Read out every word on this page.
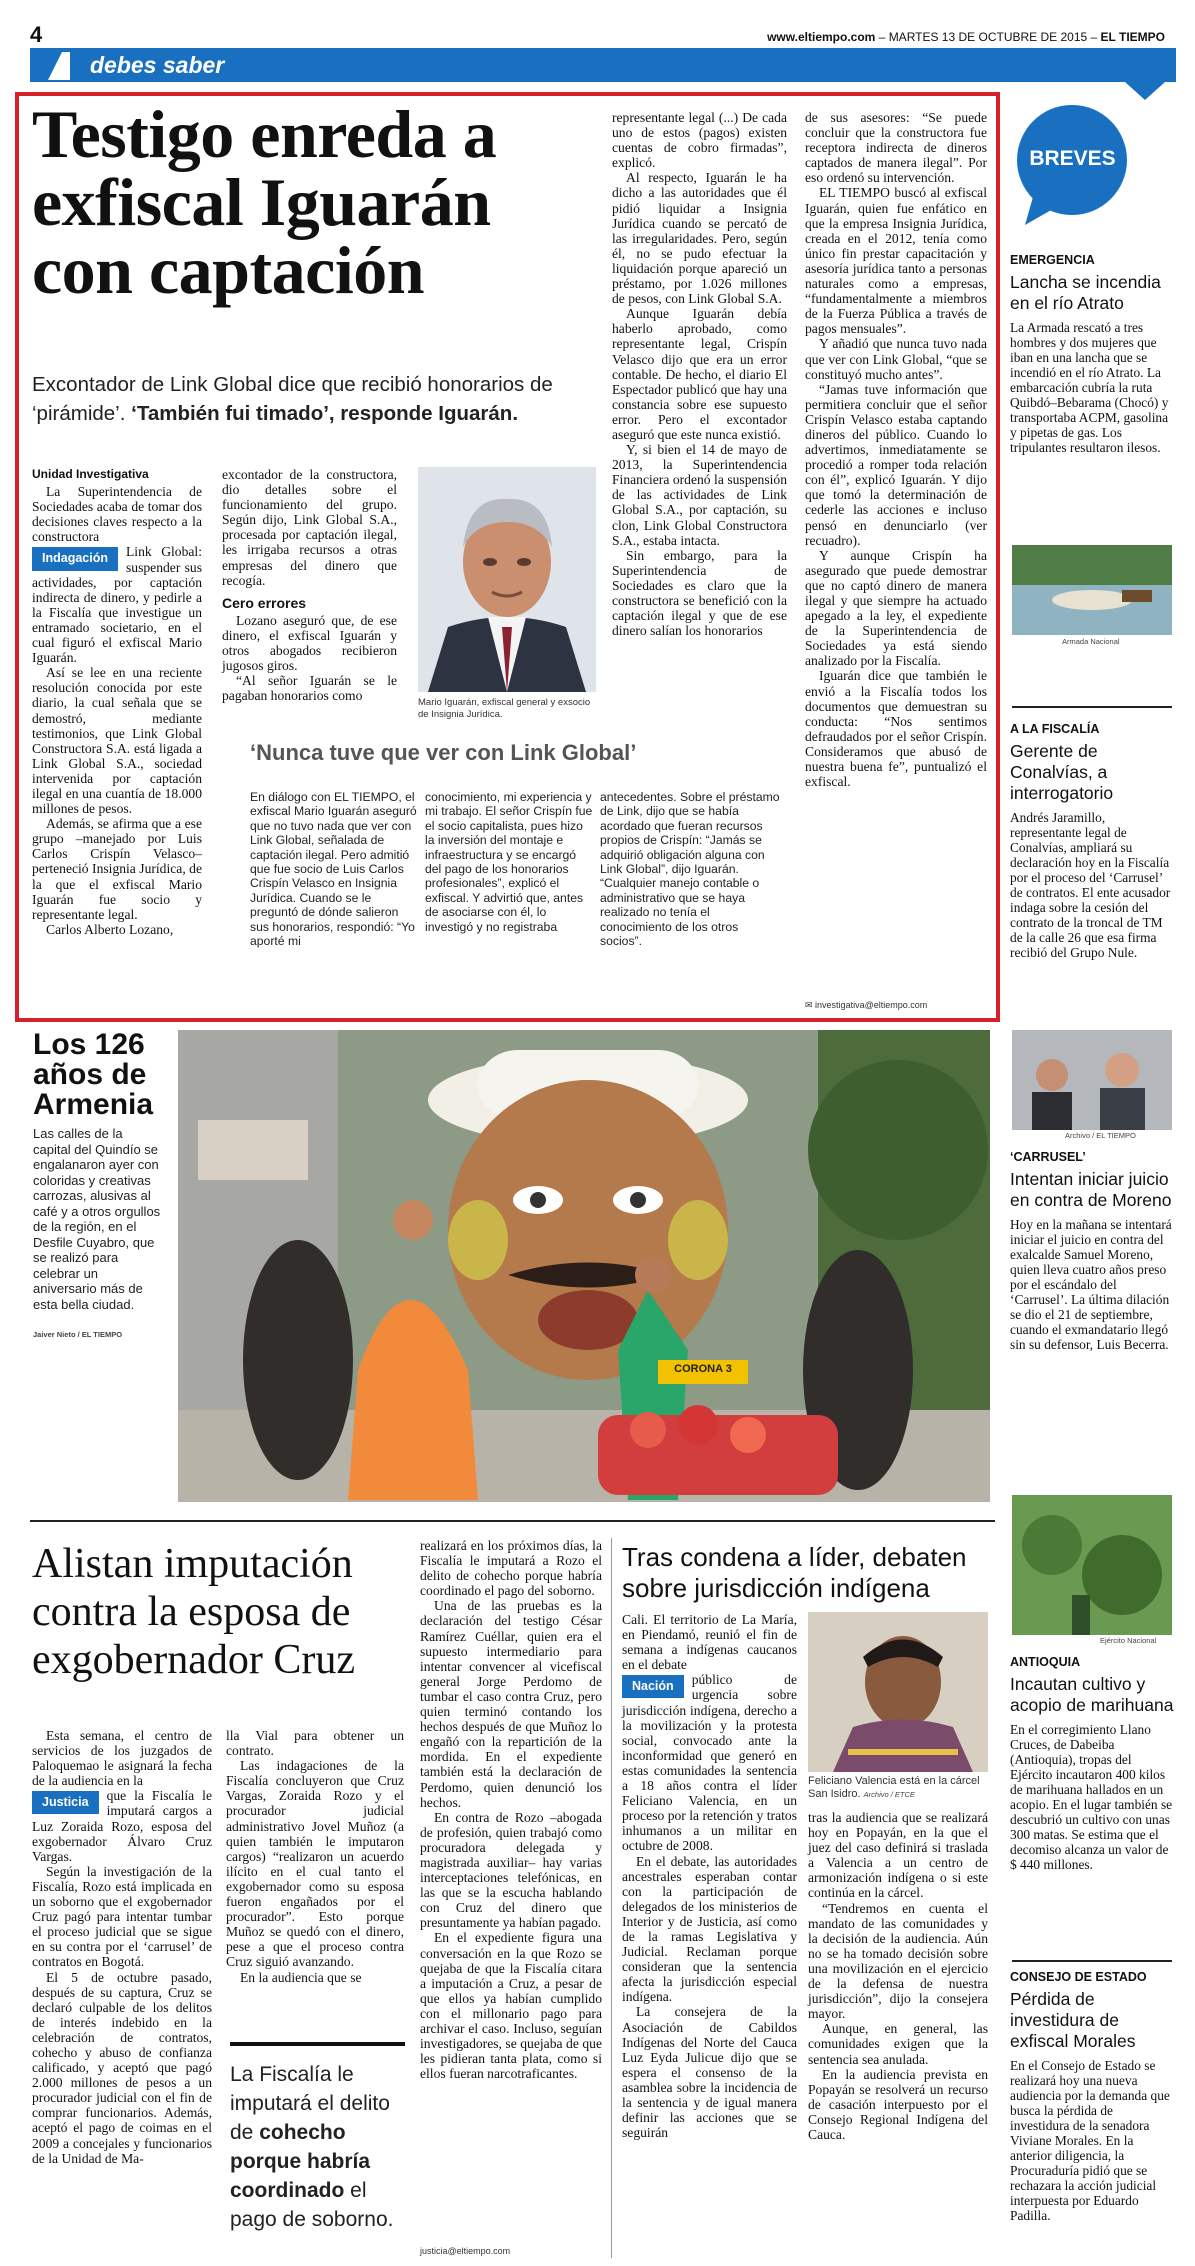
4	www.eltiempo.com – MARTES 13 DE OCTUBRE DE 2015 – EL TIEMPO
debes saber
Testigo enreda a exfiscal Iguarán con captación
Excontador de Link Global dice que recibió honorarios de ‘pirámide’. ‘También fui timado’, responde Iguarán.
Unidad Investigativa

La Superintendencia de Sociedades acaba de tomar dos decisiones claves respecto a la constructora

Indagación	Link Global: suspender sus actividades, por captación indirecta de dinero, y pedirle a la Fiscalía que investigue un entramado societario, en el cual figuró el exfiscal Mario Iguarán.

Así se lee en una reciente resolución conocida por este diario, la cual señala que se demostró, mediante testimonios, que Link Global Constructora S.A. está ligada a Link Global S.A., sociedad intervenida por captación ilegal en una cuantía de 18.000 millones de pesos.

Además, se afirma que a ese grupo –manejado por Luis Carlos Crispín Velasco– perteneció Insignia Jurídica, de la que el exfiscal Mario Iguarán fue socio y representante legal.

Carlos Alberto Lozano,

excontador de la constructora, dio detalles sobre el funcionamiento del grupo. Según dijo, Link Global S.A., procesada por captación ilegal, les irrigaba recursos a otras empresas del dinero que recogía.

Cero errores

Lozano aseguró que, de ese dinero, el exfiscal Iguarán y otros abogados recibieron jugosos giros.

“Al señor Iguarán se le pagaban honorarios como	Mario Iguarán, exfiscal general y exsocio de Insignia Jurídica.

representante legal (...) De cada uno de estos (pagos) existen cuentas de cobro firmadas”, explicó.

Al respecto, Iguarán le ha dicho a las autoridades que él pidió liquidar a Insignia Jurídica cuando se percató de las irregularidades. Pero, según él, no se pudo efectuar la liquidación porque apareció un préstamo, por 1.026 millones de pesos, con Link Global S.A.

Aunque Iguarán debía haberlo aprobado, como representante legal, Crispín Velasco dijo que era un error contable. De hecho, el diario El Espectador publicó que hay una constancia sobre ese supuesto error. Pero el excontador aseguró que este nunca existió.

Y, si bien el 14 de mayo de 2013, la Superintendencia Financiera ordenó la suspensión de las actividades de Link Global S.A., por captación, su clon, Link Global Constructora S.A., estaba intacta.

Sin embargo, para la Superintendencia de Sociedades es claro que la constructora se benefició con la captación ilegal y que de ese dinero salían los honorarios

de sus asesores: “Se puede concluir que la constructora fue receptora indirecta de dineros captados de manera ilegal”. Por eso ordenó su intervención.

EL TIEMPO buscó al exfiscal Iguarán, quien fue enfático en que la empresa Insignia Jurídica, creada en el 2012, tenía como único fin prestar capacitación y asesoría jurídica tanto a personas naturales como a empresas, “fundamentalmente a miembros de la Fuerza Pública a través de pagos mensuales”.

Y añadió que nunca tuvo nada que ver con Link Global, “que se constituyó mucho antes”.

“Jamas tuve información que permitiera concluir que el señor Crispín Velasco estaba captando dineros del público. Cuando lo advertimos, inmediatamente se procedió a romper toda relación con él”, explicó Iguarán. Y dijo que tomó la determinación de cederle las acciones e incluso pensó en denunciarlo (ver recuadro).

Y aunque Crispín ha asegurado que puede demostrar que no captó dinero de manera ilegal y que siempre ha actuado apegado a la ley, el expediente de la Superintendencia de Sociedades ya está siendo analizado por la Fiscalía.

Iguarán dice que también le envió a la Fiscalía todos los documentos que demuestran su conducta: “Nos sentimos defraudados por el señor Crispín. Consideramos que abusó de nuestra buena fe”, puntualizó el exfiscal.

✉ investigativa@eltiempo.com
‘Nunca tuve que ver con Link Global’
En diálogo con EL TIEMPO, el exfiscal Mario Iguarán aseguró que no tuvo nada que ver con Link Global, señalada de captación ilegal. Pero admitió que fue socio de Luis Carlos Crispín Velasco en Insignia Jurídica. Cuando se le preguntó de dónde salieron sus honorarios, respondió: “Yo aporté mi
conocimiento, mi experiencia y mi trabajo. El señor Crispín fue el socio capitalista, pues hizo la inversión del montaje e infraestructura y se encargó del pago de los honorarios profesionales”, explicó el exfiscal. Y advirtió que, antes de asociarse con él, lo investigó y no registraba
antecedentes. Sobre el préstamo de Link, dijo que se había acordado que fueran recursos propios de Crispín: “Jamás se adquirió obligación alguna con Link Global”, dijo Iguarán. “Cualquier manejo contable o administrativo que se haya realizado no tenía el conocimiento de los otros socios”.
Los 126 años de Armenia
Las calles de la capital del Quindío se engalanaron ayer con coloridas y creativas carrozas, alusivas al café y a otros orgullos de la región, en el Desfile Cuyabro, que se realizó para celebrar un aniversario más de esta bella ciudad.
Jaiver Nieto / EL TIEMPO
CORONA 3
BREVES
EMERGENCIA
Lancha se incendia en el río Atrato
La Armada rescató a tres hombres y dos mujeres que iban en una lancha que se incendió en el río Atrato. La embarcación cubría la ruta Quibdó–Bebarama (Chocó) y transportaba ACPM, gasolina y pipetas de gas. Los tripulantes resultaron ilesos.
Armada Nacional
A LA FISCALÍA
Gerente de Conalvías, a interrogatorio
Andrés Jaramillo, representante legal de Conalvías, ampliará su declaración hoy en la Fiscalía por el proceso del ‘Carrusel’ de contratos. El ente acusador indaga sobre la cesión del contrato de la troncal de TM de la calle 26 que esa firma recibió del Grupo Nule.
Archivo / EL TIEMPO
‘CARRUSEL’
Intentan iniciar juicio en contra de Moreno
Hoy en la mañana se intentará iniciar el juicio en contra del exalcalde Samuel Moreno, quien lleva cuatro años preso por el escándalo del ‘Carrusel’. La última dilación se dio el 21 de septiembre, cuando el exmandatario llegó sin su defensor, Luis Becerra.
Ejército Nacional
ANTIOQUIA
Incautan cultivo y acopio de marihuana
En el corregimiento Llano Cruces, de Dabeiba (Antioquia), tropas del Ejército incautaron 400 kilos de marihuana hallados en un acopio. En el lugar también se descubrió un cultivo con unas 300 matas. Se estima que el decomiso alcanza un valor de $ 440 millones.
CONSEJO DE ESTADO
Pérdida de investidura de exfiscal Morales
En el Consejo de Estado se realizará hoy una nueva audiencia por la demanda que busca la pérdida de investidura de la senadora Viviane Morales. En la anterior diligencia, la Procuraduría pidió que se rechazara la acción judicial interpuesta por Eduardo Padilla.
Alistan imputación contra la esposa de exgobernador Cruz

Esta semana, el centro de servicios de los juzgados de Paloquemao le asignará la fecha de la audiencia en la

Justicia	que la Fiscalía le imputará cargos a Luz Zoraida Rozo, esposa del exgobernador Álvaro Cruz Vargas.

Según la investigación de la Fiscalía, Rozo está implicada en un soborno que el exgobernador Cruz pagó para intentar tumbar el proceso judicial que se sigue en su contra por el ‘carrusel’ de contratos en Bogotá.

El 5 de octubre pasado, después de su captura, Cruz se declaró culpable de los delitos de interés indebido en la celebración de contratos, cohecho y abuso de confianza calificado, y aceptó que pagó 2.000 millones de pesos a un procurador judicial con el fin de comprar funcionarios. Además, aceptó el pago de coimas en el 2009 a concejales y funcionarios de la Unidad de Ma-

lla Vial para obtener un contrato.

Las indagaciones de la Fiscalía concluyeron que Cruz Vargas, Zoraida Rozo y el procurador judicial administrativo Jovel Muñoz (a quien también le imputaron cargos) “realizaron un acuerdo ilícito en el cual tanto el exgobernador como su esposa fueron engañados por el procurador”. Esto porque Muñoz se quedó con el dinero, pese a que el proceso contra Cruz siguió avanzando.

En la audiencia que se

La Fiscalía le imputará el delito de cohecho porque habría coordinado el pago de soborno.

realizará en los próximos días, la Fiscalía le imputará a Rozo el delito de cohecho porque habría coordinado el pago del soborno.

Una de las pruebas es la declaración del testigo César Ramírez Cuéllar, quien era el supuesto intermediario para intentar convencer al vicefiscal general Jorge Perdomo de tumbar el caso contra Cruz, pero quien terminó contando los hechos después de que Muñoz lo engañó con la repartición de la mordida. En el expediente también está la declaración de Perdomo, quien denunció los hechos.

En contra de Rozo –abogada de profesión, quien trabajó como procuradora delegada y magistrada auxiliar– hay varias interceptaciones telefónicas, en las que se la escucha hablando con Cruz del dinero que presuntamente ya habían pagado.

En el expediente figura una conversación en la que Rozo se quejaba de que la Fiscalía citara a imputación a Cruz, a pesar de que ellos ya habían cumplido con el millonario pago para archivar el caso. Incluso, seguían investigadores, se quejaba de que les pidieran tanta plata, como si ellos fueran narcotraficantes.

justicia@eltiempo.com
Tras condena a líder, debaten sobre jurisdicción indígena

Cali. El territorio de La María, en Piendamó, reunió el fin de semana a indígenas caucanos en el debate

Nación	público de urgencia sobre jurisdicción indígena, derecho a la movilización y la protesta social, convocado ante la inconformidad que generó en estas comunidades la sentencia a 18 años contra el líder Feliciano Valencia, en un proceso por la retención y tratos inhumanos a un militar en octubre de 2008.

En el debate, las autoridades ancestrales esperaban contar con la participación de delegados de los ministerios de Interior y de Justicia, así como de la ramas Legislativa y Judicial. Reclaman porque consideran que la sentencia afecta la jurisdicción especial indígena.

La consejera de la Asociación de Cabildos Indígenas del Norte del Cauca Luz Eyda Julicue dijo que se espera el consenso de la asamblea sobre la incidencia de la sentencia y de igual manera definir las acciones que se seguirán

Feliciano Valencia está en la cárcel San Isidro. Archivo / ETCE

tras la audiencia que se realizará hoy en Popayán, en la que el juez del caso definirá si traslada a Valencia a un centro de armonización indígena o si este continúa en la cárcel.

“Tendremos en cuenta el mandato de las comunidades y la decisión de la audiencia. Aún no se ha tomado decisión sobre una movilización en el ejercicio de la defensa de nuestra jurisdicción”, dijo la consejera mayor.

Aunque, en general, las comunidades exigen que la sentencia sea anulada.

En la audiencia prevista en Popayán se resolverá un recurso de casación interpuesto por el Consejo Regional Indígena del Cauca.
